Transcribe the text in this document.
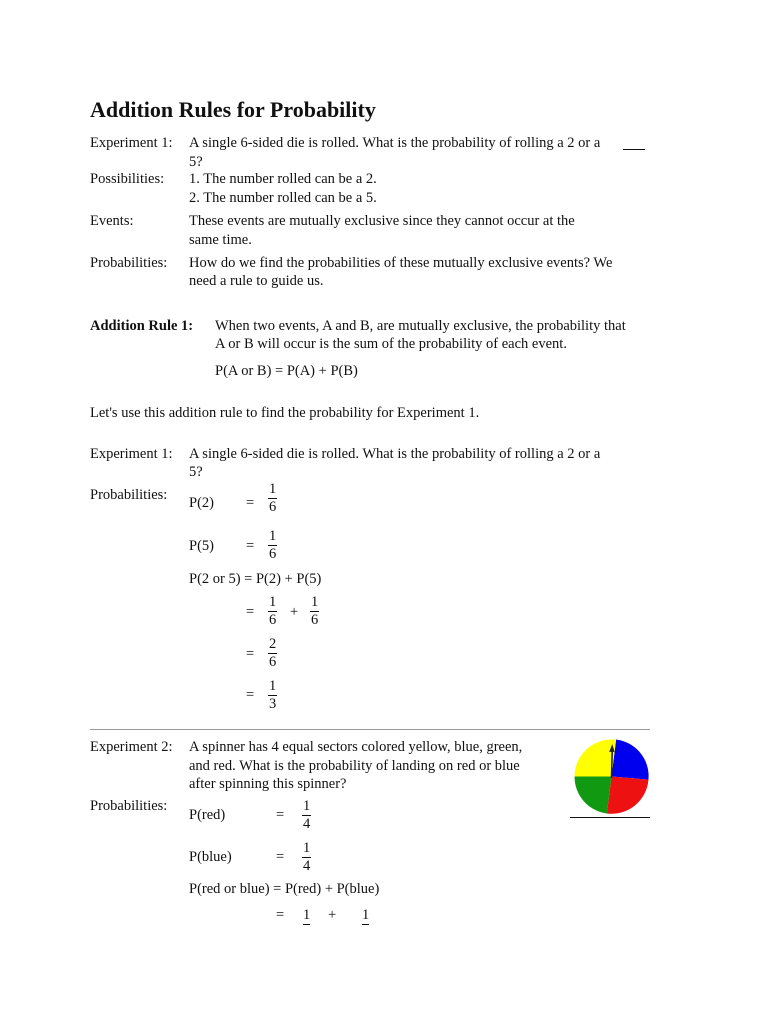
Addition Rules for Probability
Experiment 1: A single 6-sided die is rolled. What is the probability of rolling a 2 or a
5?
Possibilities: 1. The number rolled can be a 2.
2. The number rolled can be a 5.
Events:	These events are mutually exclusive since they cannot occur at the
same time.
Probabilities: How do we find the probabilities of these mutually exclusive events? We
need a rule to guide us.
Addition Rule 1: When two events, A and B, are mutually exclusive, the probability that
A or B will occur is the sum of the probability of each event.
P(A or B) = P(A) + P(B)
Let's use this addition rule to find the probability for Experiment 1.
Experiment 1: A single 6-sided die is rolled. What is the probability of rolling a 2 or a
5?
Probabilities: $P(2) = \frac{1}{6}$
$P(5) = \frac{1}{6}$
P(2 or 5) = P(2) + P(5)
= $\frac{1}{6} + \frac{1}{6}$
= $\frac{2}{6}$
= $\frac{1}{3}$
Experiment 2: A spinner has 4 equal sectors colored yellow, blue, green,
and red. What is the probability of landing on red or blue
after spinning this spinner?
Probabilities:
P(red)	= $\frac{1}{4}$
P(blue)	= $\frac{1}{4}$
P(red or blue) = P(red) + P(blue)
= 1 + 1
